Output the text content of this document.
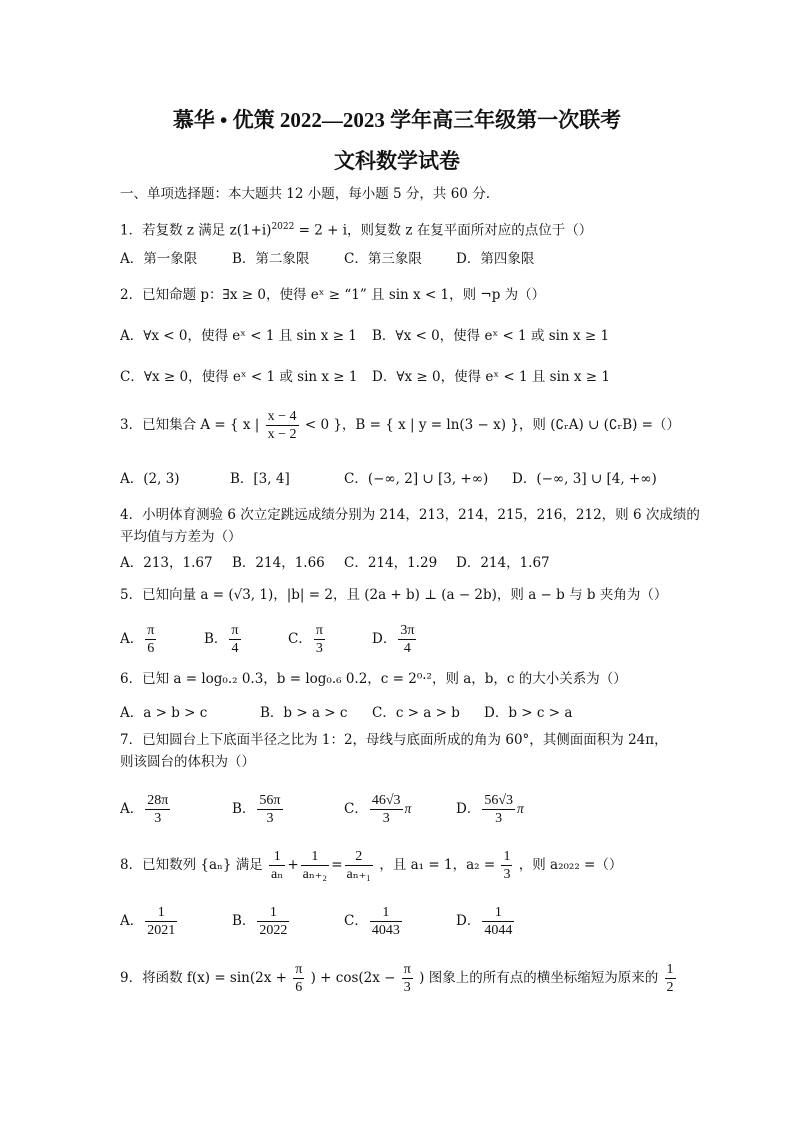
慕华 • 优策 2022—2023 学年高三年级第一次联考
文科数学试卷
一、单项选择题：本大题共 12 小题，每小题 5 分，共 60 分.
1．若复数 z 满足 $z(1+i)^{2022} = 2 + i$，则复数 z 在复平面所对应的点位于（）
A．第一象限	B．第二象限	C．第三象限	D．第四象限
2．已知命题 p：∃x ≥ 0，使得 eˣ ≥ “1” 且 sin x < 1，则 ¬p 为（）
A．∀x < 0，使得 eˣ < 1 且 sin x ≥ 1 B．∀x < 0，使得 eˣ < 1 或 sin x ≥ 1
C．∀x ≥ 0，使得 eˣ < 1 或 sin x ≥ 1 D．∀x ≥ 0，使得 eˣ < 1 且 sin x ≥ 1
3．已知集合 A = { x | $\frac{x - 4}{x - 2} < 0$ }，B = { x | y = ln(3 − x) }，则 (∁ᵣA) ∪ (∁ᵣB) =（）
A．(2, 3)	B．[3, 4]	C．(−∞, 2] ∪ [3, +∞) D．(−∞, 3] ∪ [4, +∞)
4．小明体育测验 6 次立定跳远成绩分别为 214，213，214，215，216，212，则 6 次成绩的
平均值与方差为（）
A．213，1.67 B．214，1.66 C．214，1.29 D．214，1.67
5．已知向量 a = (√3, 1)，|b| = 2，且 (2a + b) ⊥ (a − 2b)，则 a − b 与 b 夹角为（）
A． $\frac{\pi}{6}$	B． $\frac{\pi}{4}$	C． $\frac{\pi}{3}$	D． $\frac{3\pi}{4}$
6．已知 a = log₀.₂ 0.3，b = log₀.₆ 0.2，c = 2⁰·²，则 a，b，c 的大小关系为（）
A．a > b > c	B．b > a > c C．c > a > b D．b > c > a
7．已知圆台上下底面半径之比为 1：2，母线与底面所成的角为 60°，其侧面面积为 24π，
则该圆台的体积为（）
A． $\frac{28\pi}{3}$	B． $\frac{56\pi}{3}$	C． $\frac{46√3}{3}$ π	D． $\frac{56√3}{3}$ π
8．已知数列 {aₙ} 满足 $\frac{1}{\text{aₙ}} + \frac{1}{\text{aₙ₊₂}} = \frac{2}{\text{aₙ₊₁}}$ ，且 a₁ = 1，$a_2 = \frac{1}{3}$ ，则 a₂₀₂₂ =（）
A． $\frac{1}{2021}$	B． $\frac{1}{2022}$	C． $\frac{1}{4043}$	D． $\frac{1}{4044}$
9．将函数 $f(x) = \sin(2x + \frac{\pi}{6}$ ) + $\cos(2x - \frac{\pi}{3}$ ) 图象上的所有点的横坐标缩短为原来的 $\frac{1}{2}$
